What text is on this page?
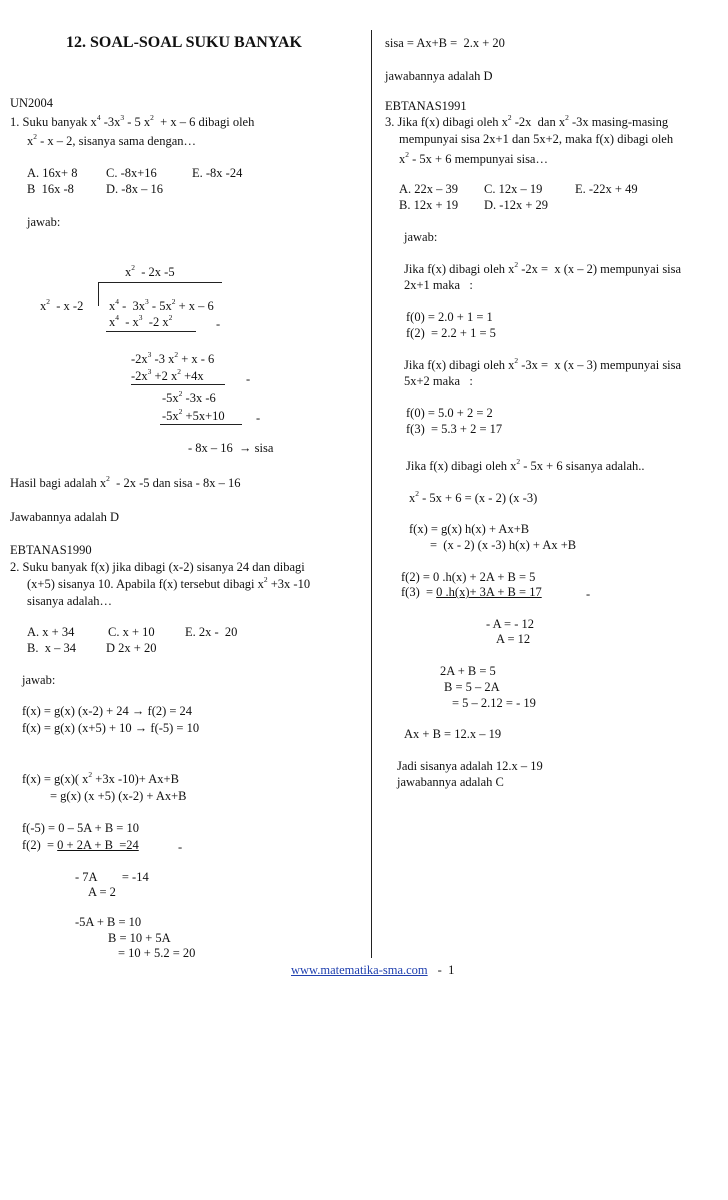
12. SOAL-SOAL SUKU BANYAK
UN2004
1. Suku banyak $x^4$ $-3x^3 - 5$ $x^2 + x - 6$ dibagi oleh
$x^2$ - x – 2, sisanya sama dengan…
A. 16x+ 8 C. -8x+16	E. -8x -24
B  16x -8	D. -8x – 16
jawab:
$x^2 - 2x$ -5
$x^2$  - x -2 $x^4 - 3x^3 - 5x^2 + x - 6$
$x^4 - x^3$  -2 $x^2$	-
$-2x^3$ -3 $x^2 + x - 6$
$-2x^3 +2$ $x^2 +4x$	-
$-5x^2$ -3x -6
$-5x^2 +5x+10$	-
- 8x – 16  → sisa
Hasil bagi adalah $x^2 - 2x$ -5 dan sisa - 8x – 16
Jawabannya adalah D
EBTANAS1990
2. Suku banyak f(x) jika dibagi (x-2) sisanya 24 dan dibagi
(x+5) sisanya 10. Apabila f(x) tersebut dibagi $x^2 +3x$ -10
sisanya adalah…
A. x + 34	C. x + 10 E. 2x -  20
B.  x – 34 D 2x + 20
jawab:
f(x) = g(x) (x-2) + 24 → f(2) = 24
f(x) = g(x) (x+5) + 10 → f(-5) = 10
f(x) = g(x)( $x^2 +3x$ -10)+ Ax+B
= g(x) (x +5) (x-2) + Ax+B
f(-5) = 0 – 5A + B = 10
f(2)  = 0 + 2A + B  =24	-
- 7A        = -14
A = 2
-5A + B = 10
B = 10 + 5A
= 10 + 5.2 = 20
sisa = Ax+B =  2.x + 20
jawabannya adalah D
EBTANAS1991
3. Jika f(x) dibagi oleh $x^2$ -2x  dan $x^2$ -3x masing-masing
mempunyai sisa 2x+1 dan 5x+2, maka f(x) dibagi oleh
$x^2 - 5x + 6$ mempunyai sisa…
A. 22x – 39 C. 12x – 19	E. -22x + 49
B. 12x + 19 D. -12x + 29
jawab:
Jika f(x) dibagi oleh $x^2$ -2x =  x (x – 2) mempunyai sisa
2x+1 maka   :
f(0) = 2.0 + 1 = 1
f(2)  = 2.2 + 1 = 5
Jika f(x) dibagi oleh $x^2$ -3x =  x (x – 3) mempunyai sisa
5x+2 maka   :
f(0) = 5.0 + 2 = 2
f(3)  = 5.3 + 2 = 17
Jika f(x) dibagi oleh $x^2 - 5x + 6$ sisanya adalah..
$x^2 - 5x + 6 = (x - 2)$ (x -3)
f(x) = g(x) h(x) + Ax+B
=  (x - 2) (x -3) h(x) + Ax +B
f(2) = 0 .h(x) + 2A + B = 5
f(3)  = 0 .h(x)+ 3A + B = 17	-
- A = - 12
A = 12
2A + B = 5
B = 5 – 2A
= 5 – 2.12 = - 19
Ax + B = 12.x – 19
Jadi sisanya adalah 12.x – 19
jawabannya adalah C
www.matematika-sma.com -  1
